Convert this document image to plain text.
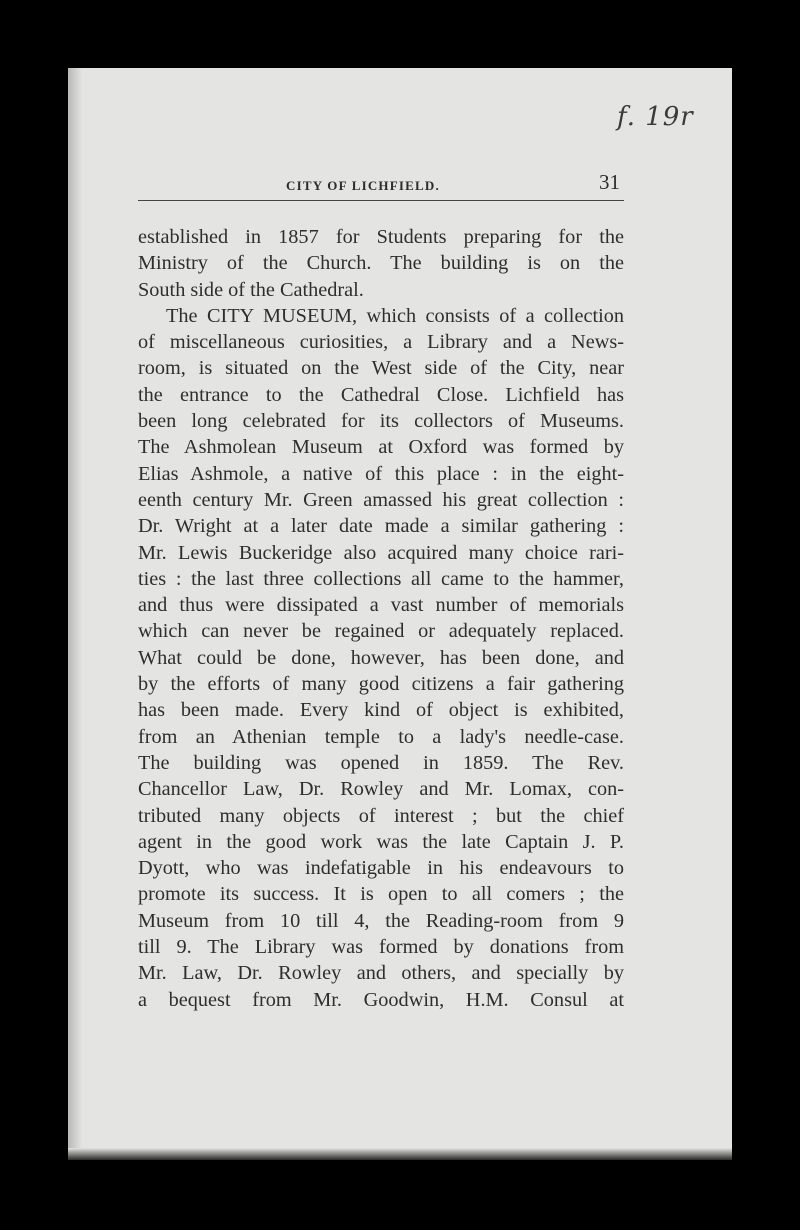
f. 19r
CITY OF LICHFIELD.	31
established in 1857 for Students preparing for the
Ministry of the Church. The building is on the
South side of the Cathedral.
The CITY MUSEUM, which consists of a collection
of miscellaneous curiosities, a Library and a News-
room, is situated on the West side of the City, near
the entrance to the Cathedral Close. Lichfield has
been long celebrated for its collectors of Museums.
The Ashmolean Museum at Oxford was formed by
Elias Ashmole, a native of this place : in the eight-
eenth century Mr. Green amassed his great collection :
Dr. Wright at a later date made a similar gathering :
Mr. Lewis Buckeridge also acquired many choice rari-
ties : the last three collections all came to the hammer,
and thus were dissipated a vast number of memorials
which can never be regained or adequately replaced.
What could be done, however, has been done, and
by the efforts of many good citizens a fair gathering
has been made. Every kind of object is exhibited,
from an Athenian temple to a lady's needle-case.
The building was opened in 1859. The Rev.
Chancellor Law, Dr. Rowley and Mr. Lomax, con-
tributed many objects of interest ; but the chief
agent in the good work was the late Captain J. P.
Dyott, who was indefatigable in his endeavours to
promote its success. It is open to all comers ; the
Museum from 10 till 4, the Reading-room from 9
till 9. The Library was formed by donations from
Mr. Law, Dr. Rowley and others, and specially by
a bequest from Mr. Goodwin, H.M. Consul at
